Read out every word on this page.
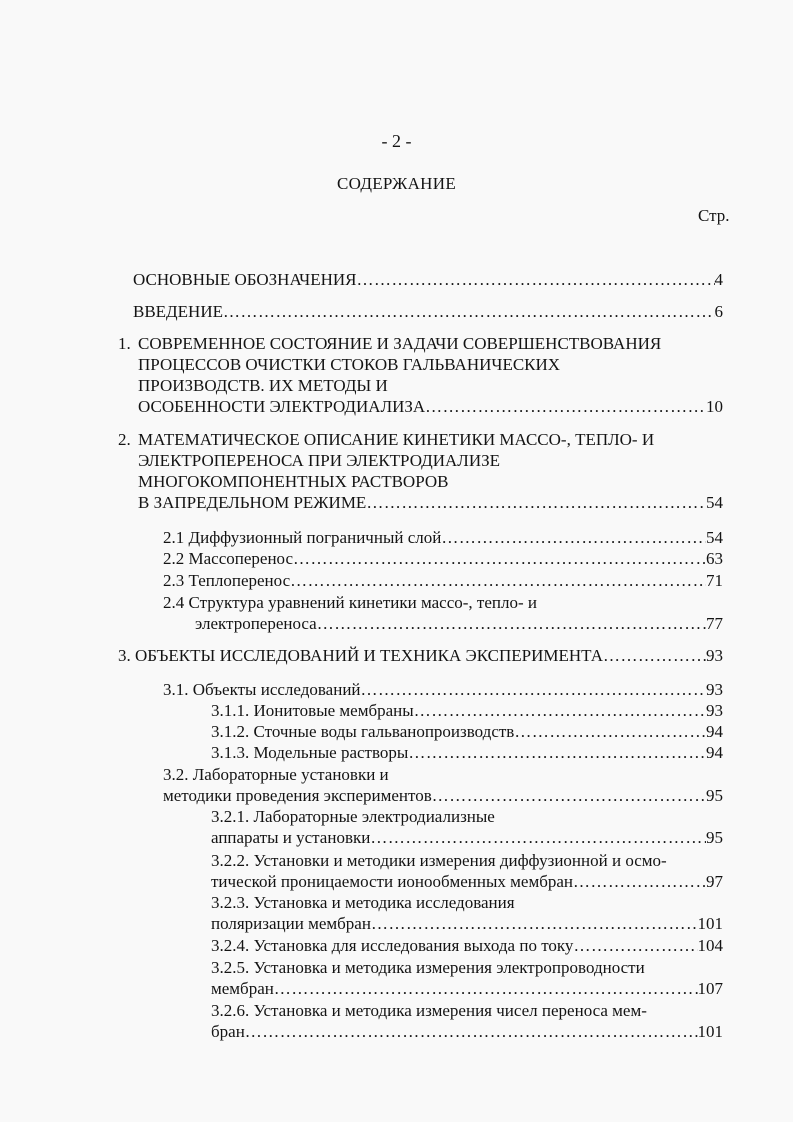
- 2 -
СОДЕРЖАНИЕ
Стр.
ОСНОВНЫЕ ОБОЗНАЧЕНИЯ ……………………………………………………………………………………………………………………………………	4
ВВЕДЕНИЕ ……………………………………………………………………………………………………………………………………	6
1. СОВРЕМЕННОЕ СОСТОЯНИЕ И ЗАДАЧИ СОВЕРШЕНСТВОВАНИЯ
ПРОЦЕССОВ ОЧИСТКИ СТОКОВ ГАЛЬВАНИЧЕСКИХ
ПРОИЗВОДСТВ. ИХ МЕТОДЫ И
ОСОБЕННОСТИ ЭЛЕКТРОДИАЛИЗА ……………………………………………………………………………………………………………………………………	10
2. МАТЕМАТИЧЕСКОЕ ОПИСАНИЕ КИНЕТИКИ МАССО-, ТЕПЛО- И
ЭЛЕКТРОПЕРЕНОСА ПРИ ЭЛЕКТРОДИАЛИЗЕ
МНОГОКОМПОНЕНТНЫХ РАСТВОРОВ
В ЗАПРЕДЕЛЬНОМ РЕЖИМЕ ……………………………………………………………………………………………………………………………………	54
2.1 Диффузионный пограничный слой ……………………………………………………………………………………………………………………………………	54
2.2 Массоперенос ……………………………………………………………………………………………………………………………………	63
2.3 Теплоперенос ……………………………………………………………………………………………………………………………………	71
2.4 Структура уравнений кинетики массо-, тепло- и
электропереноса ……………………………………………………………………………………………………………………………………	77
3. ОБЪЕКТЫ ИССЛЕДОВАНИЙ И ТЕХНИКА ЭКСПЕРИМЕНТА ……………………………………………………………………………………………………………………………………	93
3.1. Объекты исследований ……………………………………………………………………………………………………………………………………	93
3.1.1. Ионитовые мембраны ……………………………………………………………………………………………………………………………………	93
3.1.2. Сточные воды гальванопроизводств ……………………………………………………………………………………………………………………………………	94
3.1.3. Модельные растворы ……………………………………………………………………………………………………………………………………	94
3.2. Лабораторные установки и
методики проведения экспериментов ……………………………………………………………………………………………………………………………………	95
3.2.1. Лабораторные электродиализные
аппараты и установки ……………………………………………………………………………………………………………………………………	95
3.2.2. Установки и методики измерения диффузионной и осмо-
тической проницаемости ионообменных мембран ……………………………………………………………………………………………………………………………………	97
3.2.3. Установка и методика исследования
поляризации мембран ……………………………………………………………………………………………………………………………………	101
3.2.4. Установка для исследования выхода по току ……………………………………………………………………………………………………………………………………	104
3.2.5. Установка и методика измерения электропроводности
мембран ……………………………………………………………………………………………………………………………………	107
3.2.6. Установка и методика измерения чисел переноса мем-
бран ……………………………………………………………………………………………………………………………………	101
